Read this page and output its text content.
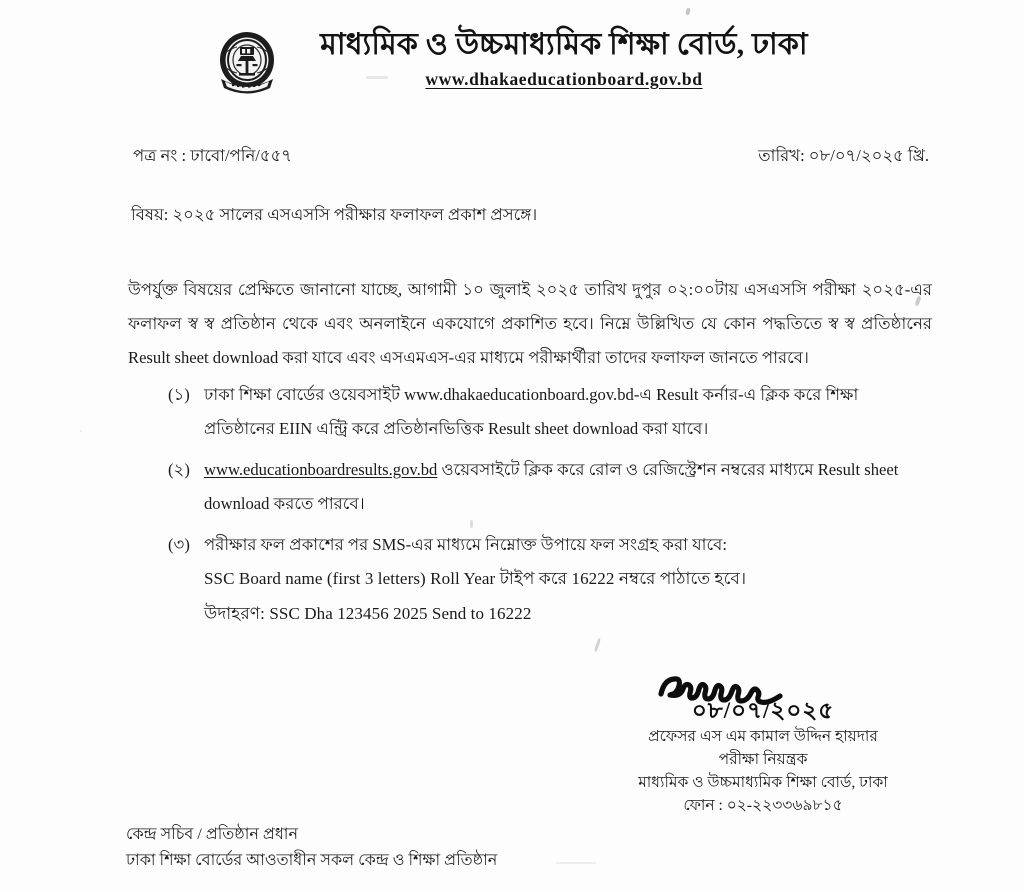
মাধ্যমিক ও উচ্চমাধ্যমিক শিক্ষা বোর্ড, ঢাকা
www.dhakaeducationboard.gov.bd
পত্র নং : ঢাবো/পনি/৫৫৭	তারিখ: ০৮/০৭/২০২৫ খ্রি.
বিষয়: ২০২৫ সালের এসএসসি পরীক্ষার ফলাফল প্রকাশ প্রসঙ্গে।
উপর্যুক্ত বিষয়ের প্রেক্ষিতে জানানো যাচ্ছে, আগামী ১০ জুলাই ২০২৫ তারিখ দুপুর ০২:০০টায় এসএসসি পরীক্ষা ২০২৫-এর ফলাফল স্ব স্ব প্রতিষ্ঠান থেকে এবং অনলাইনে একযোগে প্রকাশিত হবে। নিম্নে উল্লিখিত যে কোন পদ্ধতিতে স্ব স্ব প্রতিষ্ঠানের Result sheet download করা যাবে এবং এসএমএস-এর মাধ্যমে পরীক্ষার্থীরা তাদের ফলাফল জানতে পারবে।
(১) ঢাকা শিক্ষা বোর্ডের ওয়েবসাইট www.dhakaeducationboard.gov.bd-এ Result কর্নার-এ ক্লিক করে শিক্ষা প্রতিষ্ঠানের EIIN এন্ট্রি করে প্রতিষ্ঠানভিত্তিক Result sheet download করা যাবে।
(২) www.educationboardresults.gov.bd ওয়েবসাইটে ক্লিক করে রোল ও রেজিস্ট্রেশন নম্বরের মাধ্যমে Result sheet download করতে পারবে।
(৩) পরীক্ষার ফল প্রকাশের পর SMS-এর মাধ্যমে নিম্নোক্ত উপায়ে ফল সংগ্রহ করা যাবে:
SSC Board name (first 3 letters) Roll Year টাইপ করে 16222 নম্বরে পাঠাতে হবে।
উদাহরণ: SSC Dha 123456 2025 Send to 16222
০৮/০৭/২০২৫
প্রফেসর এস এম কামাল উদ্দিন হায়দার
পরীক্ষা নিয়ন্ত্রক
মাধ্যমিক ও উচ্চমাধ্যমিক শিক্ষা বোর্ড, ঢাকা
ফোন : ০২-২২৩৩৬৯৮১৫
কেন্দ্র সচিব / প্রতিষ্ঠান প্রধান
ঢাকা শিক্ষা বোর্ডের আওতাধীন সকল কেন্দ্র ও শিক্ষা প্রতিষ্ঠান
